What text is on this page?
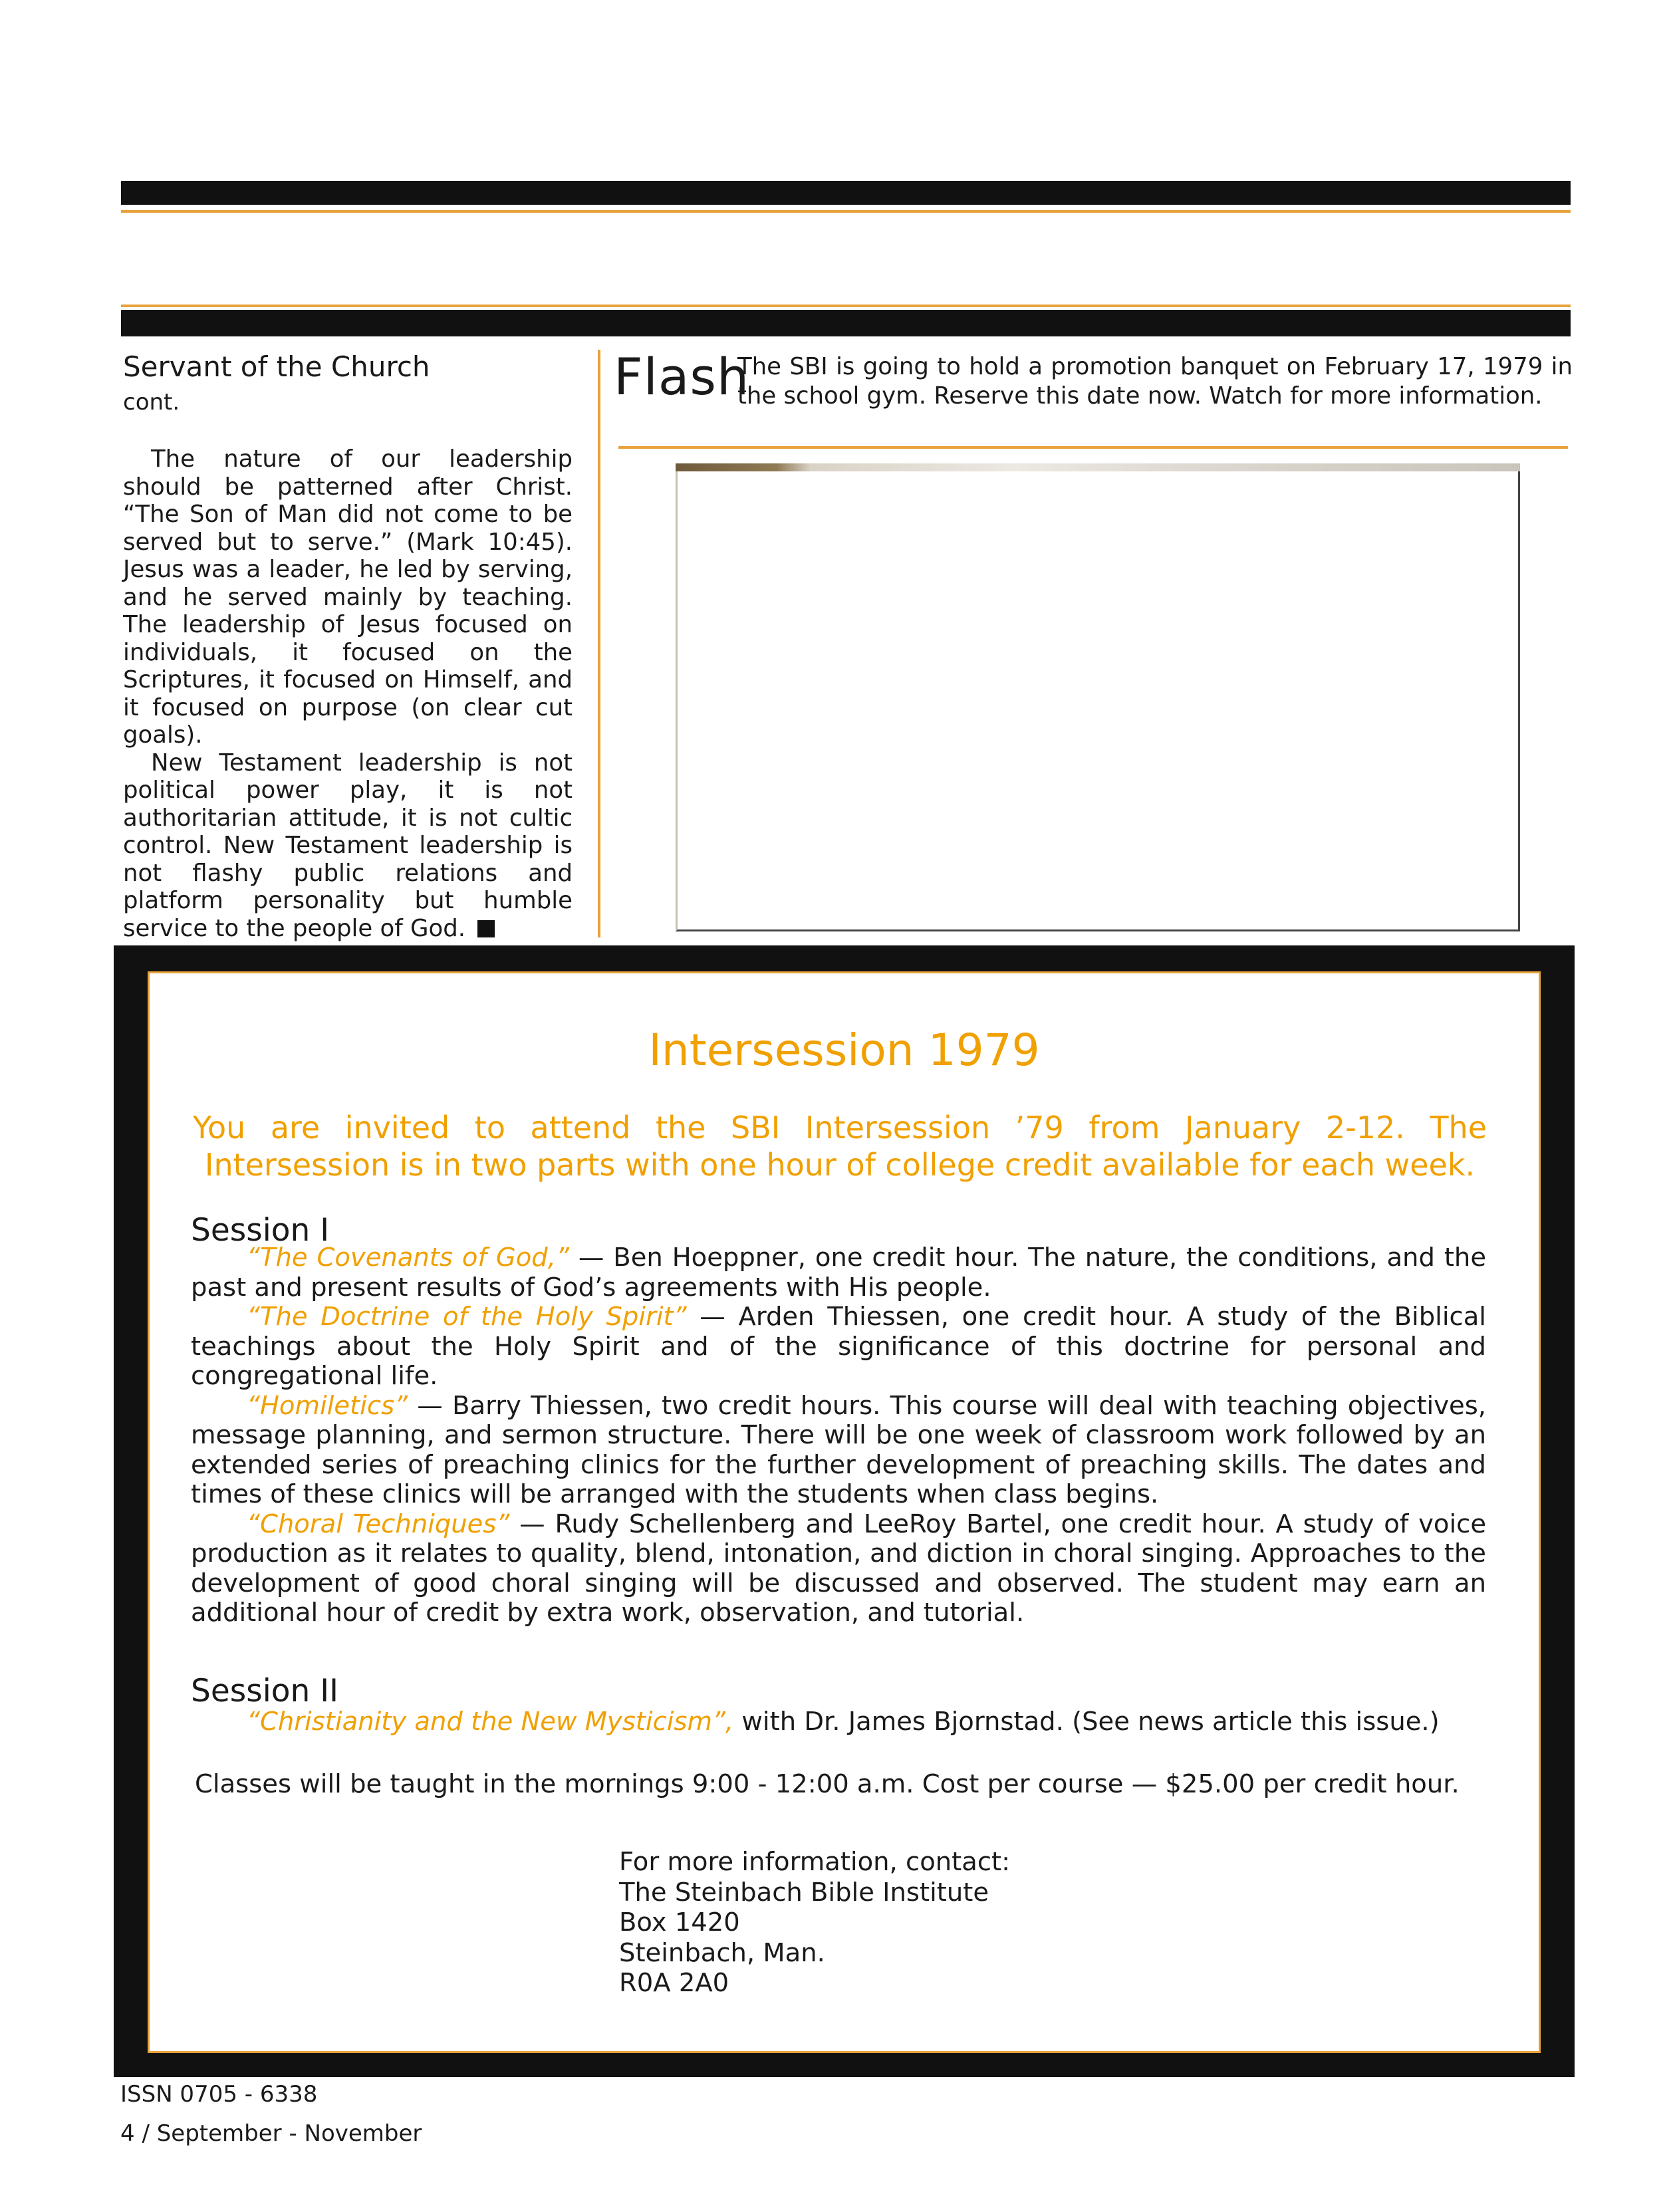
Servant of the Church
cont.

The nature of our leadership should be patterned after Christ. “The Son of Man did not come to be served but to serve.” (Mark 10:45). Jesus was a leader, he led by serving, and he served mainly by teaching. The leadership of Jesus focused on individuals, it focused on the Scriptures, it focused on Himself, and it focused on purpose (on clear cut goals).

New Testament leadership is not political power play, it is not authoritarian attitude, it is not cultic control. New Testament leadership is not flashy public relations and platform personality but humble service to the people of God.

Flash
The SBI is going to hold a promotion banquet on February 17, 1979 in the school gym. Reserve this date now. Watch for more information.
Intersession 1979
You are invited to attend the SBI Intersession ’79 from January 2-12. The Intersession is in two parts with one hour of college credit available for each week.
Session I

“The Covenants of God,” — Ben Hoeppner, one credit hour. The nature, the conditions, and the past and present results of God’s agreements with His people.

“The Doctrine of the Holy Spirit” — Arden Thiessen, one credit hour. A study of the Biblical teachings about the Holy Spirit and of the significance of this doctrine for personal and congregational life.

“Homiletics” — Barry Thiessen, two credit hours. This course will deal with teaching objectives, message planning, and sermon structure. There will be one week of classroom work followed by an extended series of preaching clinics for the further development of preaching skills. The dates and times of these clinics will be arranged with the students when class begins.

“Choral Techniques” — Rudy Schellenberg and LeeRoy Bartel, one credit hour. A study of voice production as it relates to quality, blend, intonation, and diction in choral singing. Approaches to the development of good choral singing will be discussed and observed. The student may earn an additional hour of credit by extra work, observation, and tutorial.

Session II

“Christianity and the New Mysticism”, with Dr. James Bjornstad. (See news article this issue.)

Classes will be taught in the mornings 9:00 - 12:00 a.m. Cost per course — $25.00 per credit hour.
For more information, contact:
The Steinbach Bible Institute
Box 1420
Steinbach, Man.
R0A 2A0
ISSN 0705 - 6338
4 / September - November
